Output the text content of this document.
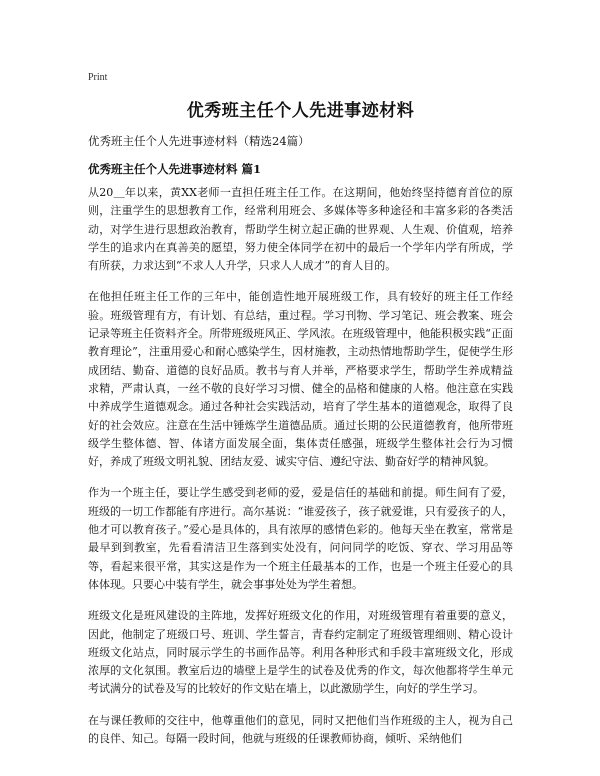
Print
优秀班主任个人先进事迹材料

优秀班主任个人先进事迹材料（精选24篇）

优秀班主任个人先进事迹材料 篇1

从20＿年以来，黄XX老师一直担任班主任工作。在这期间，他始终坚持德育首位的原则，注重学生的思想教育工作，经常利用班会、多媒体等多种途径和丰富多彩的各类活动，对学生进行思想政治教育，帮助学生树立起正确的世界观、人生观、价值观，培养学生的追求内在真善美的愿望，努力使全体同学在初中的最后一个学年内学有所成，学有所获，力求达到“不求人人升学，只求人人成才”的育人目的。

在他担任班主任工作的三年中，能创造性地开展班级工作，具有较好的班主任工作经验。班级管理有方，有计划、有总结，重过程。学习刊物、学习笔记、班会教案、班会记录等班主任资料齐全。所带班级班风正、学风浓。在班级管理中，他能积极实践“正面教育理论”，注重用爱心和耐心感染学生，因材施教，主动热情地帮助学生，促使学生形成团结、勤奋、道德的良好品质。教书与育人并举，严格要求学生，帮助学生养成精益求精，严肃认真，一丝不敬的良好学习习惯、健全的品格和健康的人格。他注意在实践中养成学生道德观念。通过各种社会实践活动，培育了学生基本的道德观念，取得了良好的社会效应。注意在生活中锤炼学生道德品质。通过长期的公民道德教育，他所带班级学生整体德、智、体诸方面发展全面，集体责任感强，班级学生整体社会行为习惯好，养成了班级文明礼貌、团结友爱、诚实守信、遵纪守法、勤奋好学的精神风貌。

作为一个班主任，要让学生感受到老师的爱，爱是信任的基础和前提。师生间有了爱，班级的一切工作都能有序进行。高尔基说：“谁爱孩子，孩子就爱谁，只有爱孩子的人，他才可以教育孩子。”爱心是具体的，具有浓厚的感情色彩的。他每天坐在教室，常常是最早到到教室，先看看清洁卫生落到实处没有，问问同学的吃饭、穿衣、学习用品等等，看起来很平常，其实这是作为一个班主任最基本的工作，也是一个班主任爱心的具体体现。只要心中装有学生，就会事事处处为学生着想。

班级文化是班风建设的主阵地，发挥好班级文化的作用，对班级管理有着重要的意义，因此，他制定了班级口号、班训、学生誓言，青春约定制定了班级管理细则、精心设计班级文化站点，同时展示学生的书画作品等。利用各种形式和手段丰富班级文化，形成浓厚的文化氛围。教室后边的墙壁上是学生的试卷及优秀的作文，每次他都将学生单元考试满分的试卷及写的比较好的作文贴在墙上，以此激励学生，向好的学生学习。

在与课任教师的交往中，他尊重他们的意见，同时又把他们当作班级的主人，视为自己的良伴、知己。每隔一段时间，他就与班级的任课教师协商，倾听、采纳他们
